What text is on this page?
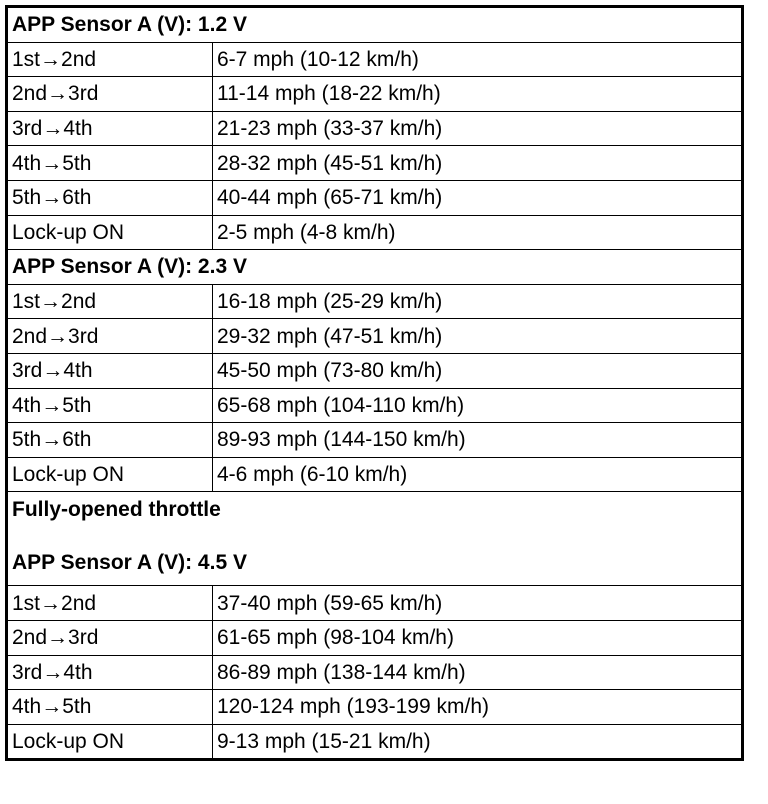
APP Sensor A (V): 1.2 V	
1st→2nd	6-7 mph (10-12 km/h)
2nd→3rd	11-14 mph (18-22 km/h)
3rd→4th	21-23 mph (33-37 km/h)
4th→5th	28-32 mph (45-51 km/h)
5th→6th	40-44 mph (65-71 km/h)
Lock-up ON	2-5 mph (4-8 km/h)
APP Sensor A (V): 2.3 V	
1st→2nd	16-18 mph (25-29 km/h)
2nd→3rd	29-32 mph (47-51 km/h)
3rd→4th	45-50 mph (73-80 km/h)
4th→5th	65-68 mph (104-110 km/h)
5th→6th	89-93 mph (144-150 km/h)
Lock-up ON	4-6 mph (6-10 km/h)
Fully-opened throttle
APP Sensor A (V): 4.5 V	
1st→2nd	37-40 mph (59-65 km/h)
2nd→3rd	61-65 mph (98-104 km/h)
3rd→4th	86-89 mph (138-144 km/h)
4th→5th	120-124 mph (193-199 km/h)
Lock-up ON	9-13 mph (15-21 km/h)
